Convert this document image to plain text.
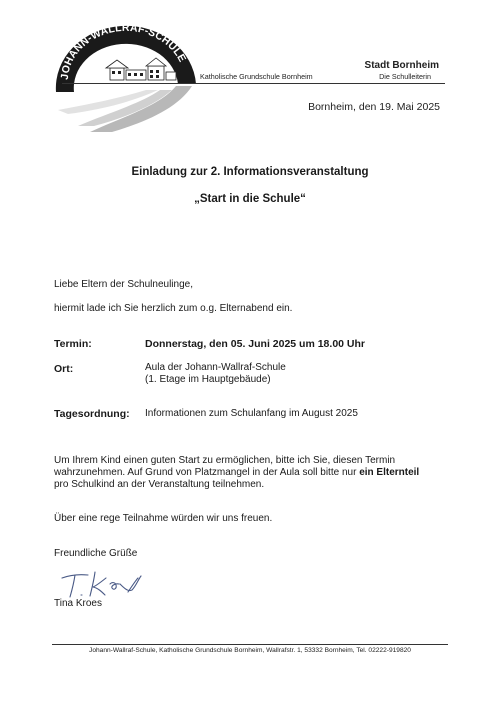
JOHANN-WALLRAF-SCHULE
Katholische Grundschule Bornheim
Stadt Bornheim
Die Schulleiterin
Bornheim, den 19. Mai 2025
Einladung zur 2. Informationsveranstaltung
„Start in die Schule“
Liebe Eltern der Schulneulinge,
hiermit lade ich Sie herzlich zum o.g. Elternabend ein.
Termin:	Donnerstag, den 05. Juni 2025 um 18.00 Uhr
Ort:	Aula der Johann-Wallraf-Schule
(1. Etage im Hauptgebäude)
Tagesordnung: Informationen zum Schulanfang im August 2025
Um Ihrem Kind einen guten Start zu ermöglichen, bitte ich Sie, diesen Termin
wahrzunehmen. Auf Grund von Platzmangel in der Aula soll bitte nur ein Elternteil
pro Schulkind an der Veranstaltung teilnehmen.
Über eine rege Teilnahme würden wir uns freuen.
Freundliche Grüße
Tina Kroes
Johann-Wallraf-Schule, Katholische Grundschule Bornheim, Wallrafstr. 1, 53332 Bornheim, Tel. 02222-919820
